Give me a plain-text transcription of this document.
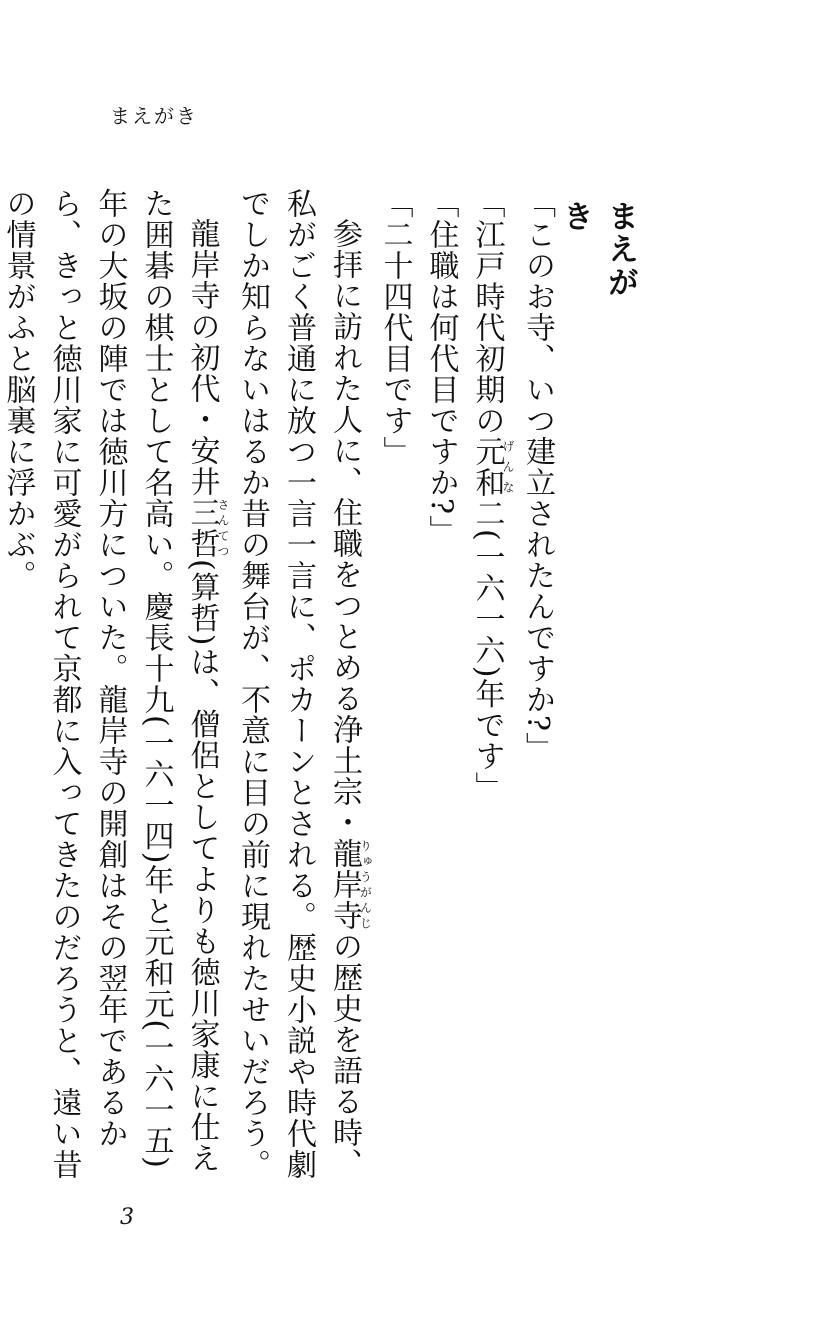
まえがき
まえがき

「このお寺、いつ建立されたんですか?」

「江戸時代初期の元和げんな二(一六一六)年です」

「住職は何代目ですか?」

「二十四代目です」

参拝に訪れた人に、住職をつとめる浄土宗・龍岸寺りゅうがんじの歴史を語る時、私がごく普通に放つ一言一言に、ポカーンとされる。歴史小説や時代劇でしか知らないはるか昔の舞台が、不意に目の前に現れたせいだろう。

龍岸寺の初代・安井三哲さんてつ(算哲)は、僧侶としてよりも徳川家康に仕えた囲碁の棋士として名高い。慶長十九(一六一四)年と元和元(一六一五)年の大坂の陣では徳川方についた。龍岸寺の開創はその翌年であるから、きっと徳川家に可愛がられて京都に入ってきたのだろうと、遠い昔の情景がふと脳裏に浮かぶ。

3
